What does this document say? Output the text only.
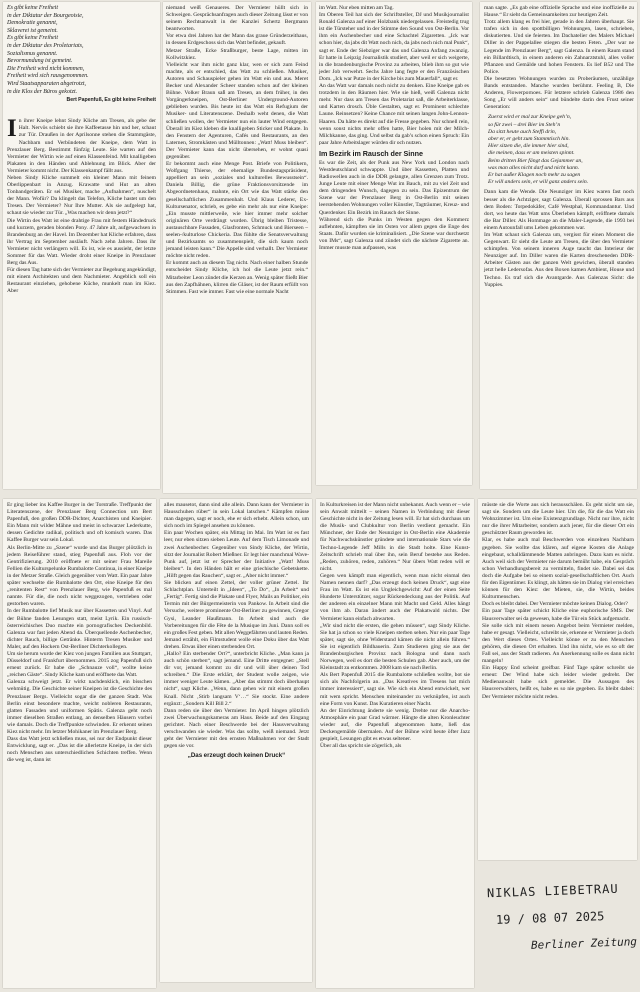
Es gibt keine Freiheit

in der Diktatur der Bourgeoisie,

Demokratie genannt,

Sklaverei ist gemeint.

Es gibt keine Freiheit

in der Diktatur des Proletariats,

Sozialismus genannt.

Bevormundung ist gemeint.

Die Freiheit wird nicht kommen,

Freiheit wird sich rausgenommen.

Wird Staatsapparaten abgetrotzt,

in die Klos der Büros gekotzt.

Bert Papenfuß, Es gibt keine Freiheit

In ihrer Kneipe lehnt Sindy Kliche am Tresen, als gebe der Halt. Nervös schiebt sie ihre Kaffeetasse hin und her, schaut zur Tür. Draußen in der Aprilsonne stehen die Stammgäste, Nachbarn und Verbündeten der Kneipe, dem Watt in Prenzlauer Berg. Bestimmt fünfzig Leute. Sie warten auf den Vermieter der Wirtin wie auf einen Klassenfeind. Mit knalligeben Plakaten in den Händen und Ablehnung im Blick. Aber der Vermieter kommt nicht. Der Klassenkampf fällt aus.

Neben Sindy Kliche summelt ein kleiner Mann mit feinem Oberlippenbart in Anzug. Krawatte und Hut an alten Tonbandgeräten. Er sei Musiker, mache „Aufnahmen“, nuschelt der Mann. Wofür? Da klingelt das Telefon, Kliche hastet um den Tresen. Der Vermieter? Nur Ihre Mutter. Als sie aufgelegt hat, schaut sie wieder zur Tür. „Was machen wir denn jetzt?“

Die Wirtin des Watt ist eine drahtige Frau mit festem Händedruck und kurzem, geraden blonden Pony. 47 Jahre alt, aufgewachsen in Brandenburg an der Havel. Im Dezember hat Kliche erfahren, dass ihr Vertrag im September ausläuft. Nach zehn Jahren. Dass ihr Vermieter nicht verlängern will. Es ist, wie es aussieht, der letzte Sommer für das Watt. Wieder droht einer Kneipe in Prenzlauer Berg das Aus.

Für diesen Tag hatte sich der Vermieter zur Begehung angekündigt, mit einem Architekten und dem Nachmieter. Angeblich soll ein Restaurant einziehen, gehobene Küche, munkelt man im Kiez. Aber

niemand weiß Genaueres. Der Vermieter hüllt sich in Schweigen. Gesprächsanfragen auch dieser Zeitung lässt er von seinem Rechtsanwalt in der Kanzlei Schertz Bergmann beantworten.

Vor etwa drei Jahren hat der Mann das graue Gründerzeithaus, in dessen Erdgeschoss sich das Watt befindet, gekauft.

Metzer Straße, Ecke Straßburger, beste Lage, mitten im Kollwitzkiez.

Vielleicht war ihm nicht ganz klar, wen er sich zum Feind machte, als er entschied, das Watt zu schließen. Musiker, Autoren und Schauspieler gehen im Watt ein und aus. Meret Becker und Alexander Scheer standen schon auf der kleinen Bühne. Volker Braun saß am Tresen, an dem früher, in den Vorgängerkneipen, Ost-Berliner Underground-Autoren geblieben wurden. Bis heute ist das Watt ein Refugium der Musiker- und Literatenszene. Deshalb weht denen, die Watt schließen wollen, der Vermieter nun ein lauter Wind entgegen. Überall im Kiez kleben die knalligeben Sticker und Plakate. In den Fenstern der Agenturen, Cafés und Restaurants, an den Laternen, Stromkästen und Mülltonnen: „Watt! Muss bleiben“. Der Vermieter kann das nicht übersehen, er wohnt quasi gegenüber.

Er bekommt auch eine Menge Post. Briefe von Politikern, Wolfgang Thierse, der ehemalige Bundestagspräsident, appelliert an sein „soziales und kulturelles Bewusstsein“. Daniela Billig, die grüne Fraktionsvorsitzende im Abgeordnetenhaus, mahnte, ein Ort wie das Watt stärke den gesellschaftlichen Zusammenhalt. Und Klaus Lederer, Ex-Kultursenator, schrieb, es gebe ein mehr als nur eine Kneipe: „Ein musste mittlerweile, wie hier immer mehr solcher originären Orte verdrängt wurden. Übrig bleiben Tristesse, austauschbare Fassaden, Glasfronten, Schmuck und Bierseen – seelen-/kulturlose Chickeria. Das fühlte die Senatsverwaltung und Bezirksamts so zusammenspielt, die sich kaum noch jemand leisten kann.“ Die Appelle sind verhallt. Der Vermieter möchte nicht reden.

Er kommt auch an diesem Tag nicht. Nach einer halben Stunde entscheidet Sindy Kliche, ich hol die Leute jetzt rein.“ Mitarbeiter Leon zündet die Kerzen an. Wenig später fließt Bier aus den Zapfhähnen, klirren die Gläser, ist der Raum erfüllt von Stimmen. Fast wie immer. Fast wie eine normale Nacht

im Watt. Nur eben mitten am Tag.

Im Oberen Teil hat sich der Schriftsteller, DJ und Musikjournalist Ronald Galenza auf einer Holzbank niedergelassen. Freistedig trug ist die Türsteher und in der Stimme den Sound von Ost-Berlin. Vor ihm ein Aschenbecher und eine Schachtel Zigaretten. „Ick war schon hier, da jabs dit Watt noch nich, da jabs noch nich mal Punk“, sagt er. Ende der Siebziger war das und Galenza Anfang zwanzig. Er hatte in Leipzig Journalistik studiert, aber weil er sich weigerte, in die brandenburgische Provinz zu arbeiten, blieb ihm so gut wie jeder Job verwehrt. Sechs Jahre lang fegte er den Französischen Dom. „Ick war Putze in der Kirche bis zum Mauerfall“, sagt er.

An das Watt war damals noch nicht zu denken. Eine Kneipe gab es trotzdem in den Räumen hier. Wie sie hieß, weiß Galenza nicht mehr. Nur dass am Tresen das Proletariat saß, die Arbeiterklasse, und Karten drosch. Üble Gestalten, sagt er. Prominent schlechte Laune. Reinsetzen? Keine Chance mit seinen langen John-Lennon-Haaren. Da hätte es direkt auf die Fresse gegeben. Nur schnell rein, wenn sonst nichts mehr offen hatte, Bier holen mit der Milch-Milchkanne, das ging. Und selbst da gab’s schon einen Spruch: Ein paar Jahre Arbeitslager würden dir och nutzen.

Im Bezirk im Rausch der Sinne

Es war die Zeit, als der Punk aus New York und London nach Westdeutschland schwappte. Und über Kassetten, Platten und Radiowellen auch in die DDR gelangte, allen Grenzen zum Trotz. Junge Leute mit einer Menge Wut im Bauch, mit zu viel Zeit und dem dringenden Wunsch, dagegen zu sein. Das Epizentrum der Szene war der Prenzlauer Berg in Ost-Berlin mit seinen leerstehenden Wohnungen voller Künstler, Tagträumer, Kreuz- und Querdenker. Ein Bezirk im Rausch der Sinne.

Während sich die Punks im Westen gegen den Kommerz auflehnten, kämpften sie im Osten vor allem gegen die Enge des Staats. Dafür wurden sie kriminalisiert. „Die Szene war durchsetzt von IMs“, sagt Galenza und zündet sich die nächste Zigarette an. Immer musste man aufpassen, was

man sagte. „Es gab eine offizielle Sprache und eine inoffizielle zu Hause.“ Er sieht da Gemeinsamkeiten zur heutigen Zeit.

Trotz allem klang es frei hier, gerade in den Jahren überhaupt. Sie trafen sich in den spottbilligen Wohnungen, lasen, schrieben, diskutierten. Und sie feierten. Im Dachatelier des Malers Michael Diller in der Pappelallee stiegen die besten Feten. „Der war ne Legende im Prenzlauer Berg“, sagt Galenza. In einem Raum stand ein Billardtisch, in einem anderen ein Zahnarztstuhl, alles voller Pflanzen und Gemälde und hohen Fenstern. Es lief B52 und The Police.

Die besetzten Wohnungen wurden zu Proberäumen, unzählige Bands entstanden. Manche wurden berühmt. Feeling B, Die Anderen, Flowerpornoes. Für letztere schrieb Galenza 1986 den Song „Er will anders sein“ und bündelte darin den Frust seiner Generation:

Zuerst wird er mal zur Kneipe geh’n,

so für zwei – drei Bier im Steh’n

Da sitzt heute auch Steffi drin,

aber er, er geht zum Stammtisch hin.

Hier sitzen die, die immer hier sind,

die meinen, dass er am meisten spinnt.

Beim dritten Bier fängt das Gejammer an,

was man alles nicht darf und nicht kann.

Er hat außer Klagen noch mehr zu sagen

Er will anders sein, er will ganz anders sein.

Dann kam die Wende. Die Neunziger im Kiez waren fast noch besser als die Achtziger, sagt Galenza. Überall sprossen Bars aus dem Boden: Torpedokäfer, Café Westphal, Kommandantur. Und dort, wo heute das Watt ums Überleben kämpft, eröffnete damals die Bar Diller. Als Hommage an die Maler-Legende, die 1993 bei einem Autounfall ums Leben gekommen war.

Im Watt schaut sich Galenza um, vergisst für einen Moment die Gegenwart. Er sieht die Leute am Tresen, die über den Vermieter schimpfen. Von seinem inneren Auge taucht das Interieur der Neunziger auf. Im Diller waren die Karten drescheneden DDR-Arbeiter Gästen aus der ganzen Welt gewichen, überall standen jetzt helle Ledersofas. Aus den Boxen kamen Ambient, House und Techno. Es traf sich die Avantgarde. Aus Galenzas Sicht: die Yuppies.

Er ging lieber ins Kaffee Burger in der Torstraße. Treffpunkt der Literatenszene, der Prenzlauer Berg Connection um Bert Papenfuß, den großen DDR-Dichter, Anarchisten und Kneipier. Ein Mann mit wilder Mähne und meist in schwarzer Lederkutte, dessen Gedichte radikal, politisch und oft komisch waren. Das Kaffee Burger war sein Lokal.

Als Berlin-Mitte zu „Szene“ wurde und das Burger plötzlich in jedem Reiseführer stand, stieg Papenfuß aus. Floh vor der Gentrifizierung. 2010 eröffnete er mit seiner Frau Mareile Fellien die Kulturspelunke Rumbalotte Continua, in einer Kneipe in der Metzer Straße. Gleich gegenüber vom Watt. Ein paar Jahre später wechselte die Rumbalotte den Ort, eine Kneipe für den „renitenten Rest“ von Prenzlauer Berg, wie Papenfuß es mal nannte. Für die, die noch nicht weggezogen, vertrieben oder gestorben waren.

In der Rumbalotte lief Musik nur über Kassetten und Vinyl. Auf der Bühne fanden Lesungen statt, meist Lyrik. Ein russisch-österreichisches Duo machte ein pornografisches Deckenbild. Galenza war fast jeden Abend da. Überquellende Aschenbecher, dichter Rauch, billige Getränke. Hinterm Tresen Musiker und Maler, auf den Hockern Ost-Berliner Dichterkollegen.

Um sie herum wurde der Kiez von jungen Familien aus Stuttgart, Düsseldorf und Frankfurt übernommen. 2015 zog Papenfuß sich erneut zurück. Er habe die „Schnauze voll“, wollte keine „reichen Gäste“. Sindy Kliche kam und eröffnete das Watt.

Galenza schweigt jetzt. Er wirkt nachdenklich, ein bisschen wehmütig. Die Geschichte seiner Kneipen ist die Geschichte des Prenzlauer Bergs. Vielleicht sogar die der ganzen Stadt. Was Berlin einst besondere machte, weicht nobleren Restaurants, glatten Fassaden und uniformen Spätis. Galenza geht noch immer dieselben Straßen entlang, an denselben Häusern vorbei wie damals. Doch die Treffpunkte schwinden. Er erkennt seinen Kiez nicht mehr. Im letzter Mohikaner im Prenzlauer Berg.

Dass das Watt jetzt schließen muss, sei nur der Endpunkt dieser Entwicklung, sagt er. „Das ist die allerletzte Kneipe, in der sich noch Menschen aus unterschiedlichen Schichten treffen. Wenn die weg ist, dann ist

alles mausetot, dann sind alle allein. Dann kann der Vermieter in Hausschuhen rüber“ in sein Lokal latschen.“ Kämpfen müsse man dagegen, sagt er noch, ehe er sich erhebt. Allein schon, um sich noch im Spiegel ansehen zu können.

Ein paar Wochen später, ein Mittag im Mai. Im Watt ist es fast leer, nur eben sitzen sieben Leute. Auf dem Tisch Limonade und zwei Aschenbecher. Gegenüber von Sindy Kliche, der Wirtin, sitzt der Journalist Robert Mießner. Er legt hier manchmal Wave-Punk auf, jetzt ist er Sprecher der Initiative „Watt! Muss bleiben“. In den Händen hält er eine griechische Gebetskette. „Hilft gegen das Rauchen“, sagt er. „Aber nicht immer.“

Sie blicken auf einen Zettel, der voller grüner Zettel. Ihr Schlachtplan. Unterteilt in „Ideen“, „To Do“, „In Arbeit“ und „Fertig“. Fertig sind die Plakate und Flyer, Mails an Politiker, ein Termin mit der Bürgermeisterin von Pankow. In Arbeit sind die Versuche, weitere prominente Ost-Berliner zu gewinnen, Gregor Gysi, Leander Haußmann. In Arbeit sind auch die Vorbereitungen für die Fête de la Musique im Juni. Dann soll es ein großes Fest geben. Mit allen Weggefährten und lauten Reden.

Jemand erzählt, ein Filmstudent wolle eine Doku über das Watt drehen. Etwas über einen sterbenden Ort.

„Hallo? Ein sterbender Ort?“, unterbricht Kliche. „Man kann ja auch schön sterben“, sagt jemand. Eine Dritte entgegnet: „Stell dir vor, jemand kommt zu dir und will über deinen Tod schreiben.“ Die Erste erklärt, der Student wolle zeigen, wie immer weniger Leute kämen. „Aber das stimmt doch überhaupt nicht“, sagt Kliche. „Wenn, dann gehen wir mit einem großen Knall. Nicht ‚Stirb langsam V‘…“ Sie stockt. Eine andere ergänzt: „Sondern Kill Bill 2.“

Dann reden sie über den Vermieter. Im April hingen plötzlich zwei Überwachungskameras am Haus. Beide auf den Eingang gerichtet. Nach einer Beschwerde bei der Hausverwaltung verschwanden sie wieder. Was das sollte, weiß niemand. Jetzt geht der Vermieter mit den ernsten Maßnahmen vor der Stadt gegen sie vor.

„Das erzeugt doch keinen Druck“

In Kulturkreisen ist der Mann nicht unbekannt. Auch wenn er – wie sein Anwalt mitteilt – seinen Namen in Verbindung mit dieser Geschichte nicht in der Zeitung lesen will. Er hat sich durchaus um die Musik- und Clubkultur von Berlin verdient gemacht. Ein Münchner, der Ende der Neunziger in Ost-Berlin eine Akademie für Nachwuchskünstler gründete und internationale Stars wie die Techno-Legende Jeff Mills in die Stadt holte. Eine Kunst-Zeitschrift schrieb mal über ihn, sein Beruf bestehe aus Reden. „Reden, zuhören, reden, zuhören.“ Nur übers Watt reden will er nicht.

Gegen wen kämpft man eigentlich, wenn man nicht einmal den Namen nennen darf? „Das erzeugt doch keinen Druck“, sagt eine Frau im Watt. Es ist ein Ungleichgewicht: Auf der einen Seite Hunderte Unterstützer, sogar Rückendeckung aus der Politik. Auf der anderen ein einzelner Mann mit Macht und Geld. Alles hängt von ihm ab. Daran ändert auch der Plakatwald nichts. Der Vermieter kann einfach abwarten.

„Wir sind nicht die ersten, die gehen müssen“, sagt Sindy Kliche. Sie hat ja schon so viele Kneipen sterben sehen. Nur ein paar Tage später, sagt sie, ohne Widerstand kämen die nicht allein führen.“ Sie ist eigentlich Bildhauerin. Zum Studieren ging sie aus der Brandenburgischen Provinz nach Bologna und dann nach Norwegen, weil es dort die besten Schulen gab. Aber auch, um der Kleinstadt zu entkommen. 2008 kam sie nach Berlin.

Als Bert Papenfuß 2015 die Rumbalotte schließen wollte, bot sie sich als Nachfolgerin an. „Das Kreatives im Tresens hat mich immer interessiert“, sagt sie. Wie sich ein Abend entwickelt, wer mit wem spricht. Menschen miteinander zu verknüpfen, ist auch eine Form von Kunst. Das Kuratieren einer Nacht.

An der Einrichtung änderte sie wenig. Drehte nur die Anarcho-Atmosphäre ein paar Grad wärmer. Hängte die alten Kronleuchter wieder auf, die Papenfuß abgenommen hatte, ließ das Deckengemälde übermalen. Auf der Bühne wird heute öfter Jazz gespielt, Lesungen gibt es etwas seltener.

Über all das spricht sie zögerlich, als

müsste sie die Worte aus sich herausschälen. Es geht nicht um sie, sagt sie. Sondern um die Leute hier. Um die, für die das Watt ein Wohnzimmer ist. Um eine Existenzgrundlage. Nicht nur ihre, nicht nur die ihrer Mitarbeiter, sondern auch jener, für die dieser Ort ein geschützter Raum geworden ist.

Klar, es habe auch mal Beschwerden von einzelnen Nachbarn gegeben. Sie wollte das klären, auf eigene Kosten die Anlage eingebaut, schalldämmende Matten anbringen. Dazu kam es nicht. Auch weil sich der Vermieter nie darum bemüht habe, ein Gespräch schon Verhandlungsbereit zu vermitteln, findet sie. Dabei sei das doch die Aufgabe bei so einem sozial-gesellschaftlichen Ort. Auch für den Eigentümer. Es klingt, als hätten sie im Dialog viel erreichen können für den Kiez: der Mieten, sie, die Wirtin, beides Kulturmenschen.

Doch es bleibt dabei. Der Vermieter möchte keinen Dialog. Oder?

Ein paar Tage später schickt Kliche eine euphorische SMS. Der Hausverwalter sei da gewesen, habe die Tür ein Stück aufgemacht.

Sie solle sich mit einem neuen Angebot beim Vermieter melden, habe er gesagt. Vielleicht, schreibt sie, erkenne er Vermieter ja doch den Wert dieses Ortes. Vielleicht könne er zu den Menschen gehören, die diesen Ort erhalten. Und ihn nicht, wie es so oft der Fall sei, aus der Stadt radieren. An Anerkennung solle es dann nicht mangeln!

Ein Happy End scheint greifbar. Fünf Tage später schreibt sie erneut: Der Wind habe sich leider wieder gedreht. Der Medienanwalt habe sich gemeldet. Die Aussagen des Hausverwalters, heißt es, habe es so nie gegeben. Es bleibt dabei: Der Vermieter möchte nicht reden.

NIKLAS LIEBETRAU
19 / 08 07 2025
Berliner Zeitung
